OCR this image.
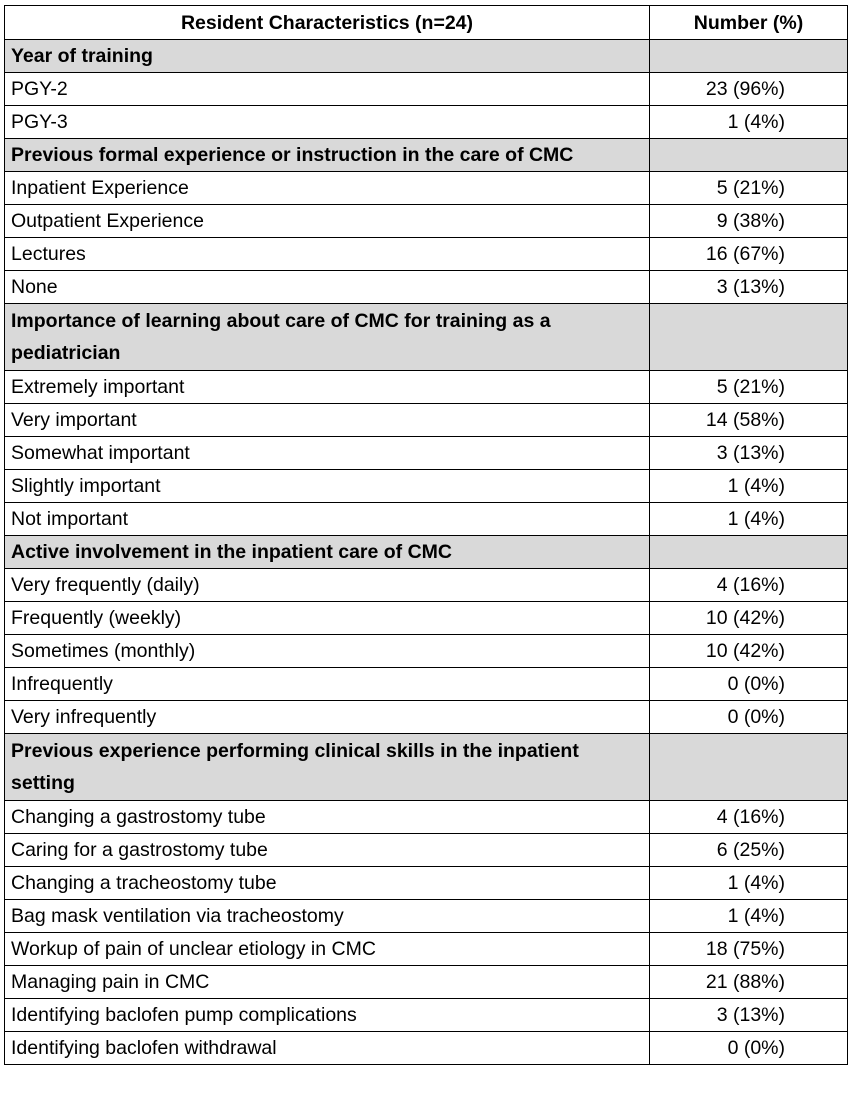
Resident Characteristics (n=24)	Number (%)
Year of training	
PGY-2	23 (96%)
PGY-3	1 (4%)
Previous formal experience or instruction in the care of CMC	
Inpatient Experience	5 (21%)
Outpatient Experience	9 (38%)
Lectures	16 (67%)
None	3 (13%)
Importance of learning about care of CMC for training as a pediatrician	
Extremely important	5 (21%)
Very important	14 (58%)
Somewhat important	3 (13%)
Slightly important	1 (4%)
Not important	1 (4%)
Active involvement in the inpatient care of CMC	
Very frequently (daily)	4 (16%)
Frequently (weekly)	10 (42%)
Sometimes (monthly)	10 (42%)
Infrequently	0 (0%)
Very infrequently	0 (0%)
Previous experience performing clinical skills in the inpatient setting	
Changing a gastrostomy tube	4 (16%)
Caring for a gastrostomy tube	6 (25%)
Changing a tracheostomy tube	1 (4%)
Bag mask ventilation via tracheostomy	1 (4%)
Workup of pain of unclear etiology in CMC	18 (75%)
Managing pain in CMC	21 (88%)
Identifying baclofen pump complications	3 (13%)
Identifying baclofen withdrawal	0 (0%)
